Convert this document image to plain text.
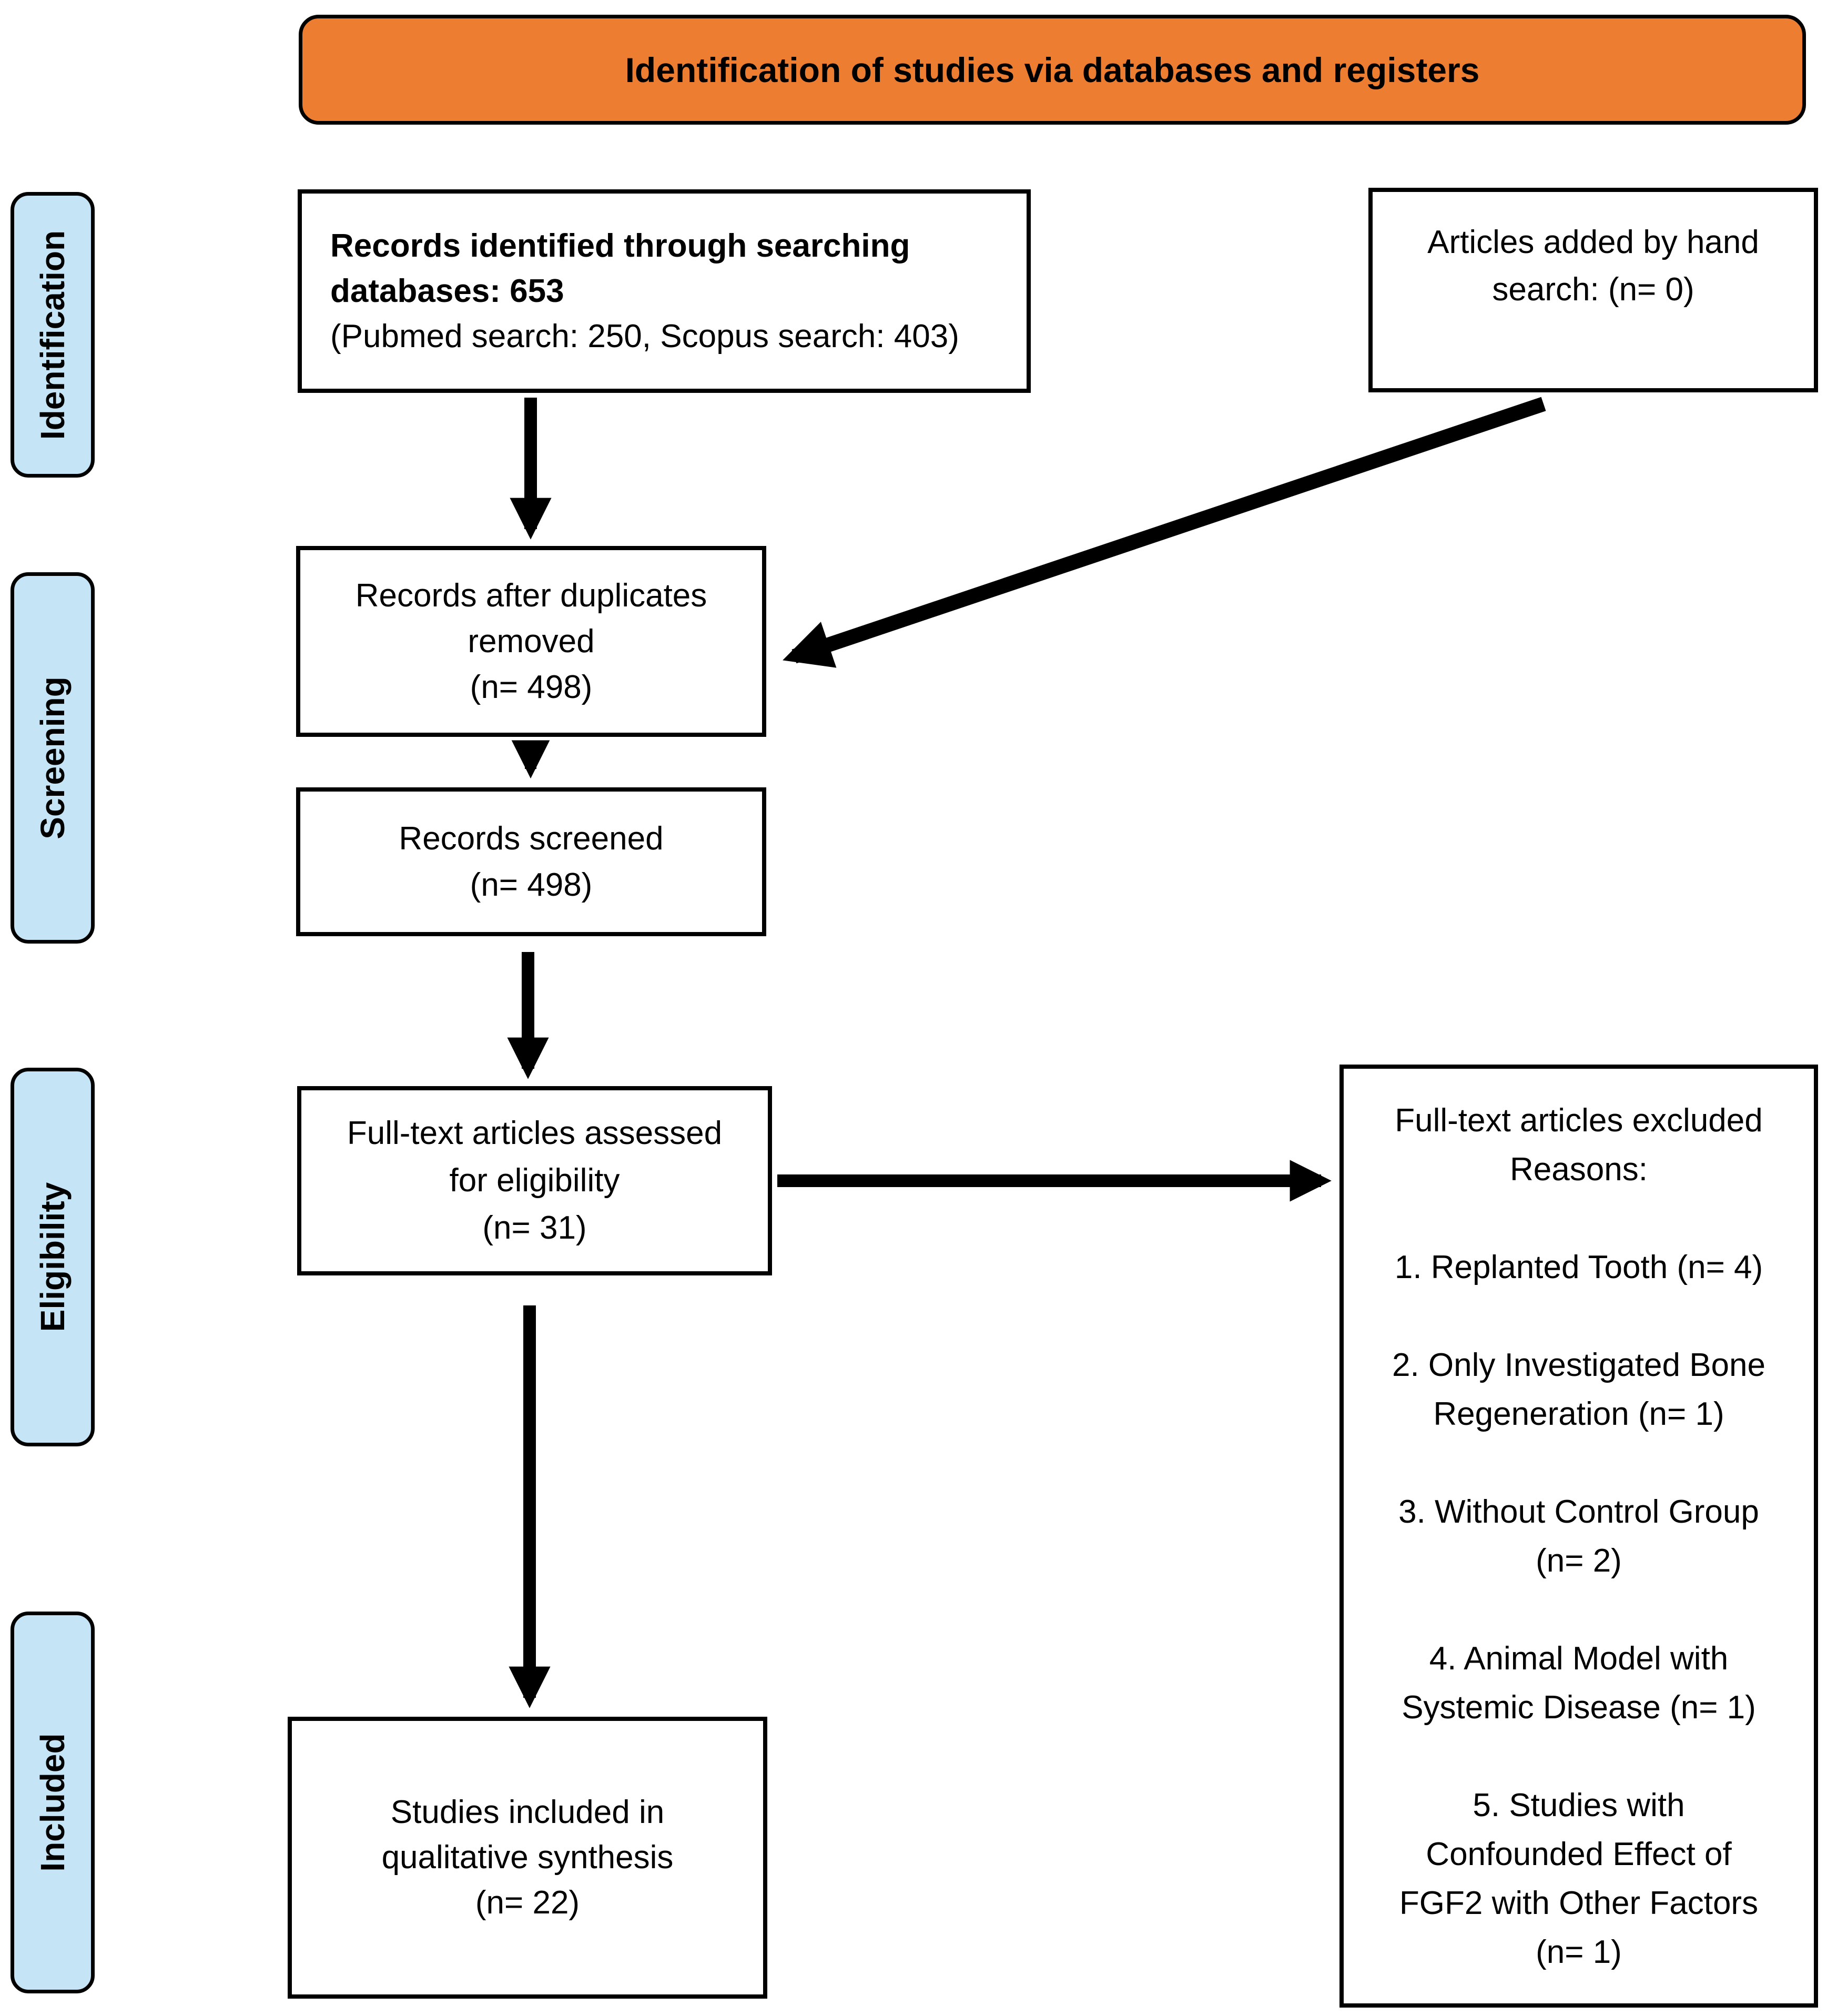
Identification of studies via databases and registers
Identification
Screening
Eligibility
Included
Records identified through searching
databases: 653
(Pubmed search: 250, Scopus search: 403)
Articles added by hand
search: (n= 0)
Records after duplicates
removed
(n= 498)
Records screened
(n= 498)
Full-text articles assessed
for eligibility
(n= 31)
Full-text articles excluded
Reasons:
1. Replanted Tooth (n= 4)
2. Only Investigated Bone
Regeneration (n= 1)
3. Without Control Group
(n= 2)
4. Animal Model with
Systemic Disease (n= 1)
5. Studies with
Confounded Effect of
FGF2 with Other Factors
(n= 1)
Studies included in
qualitative synthesis
(n= 22)
